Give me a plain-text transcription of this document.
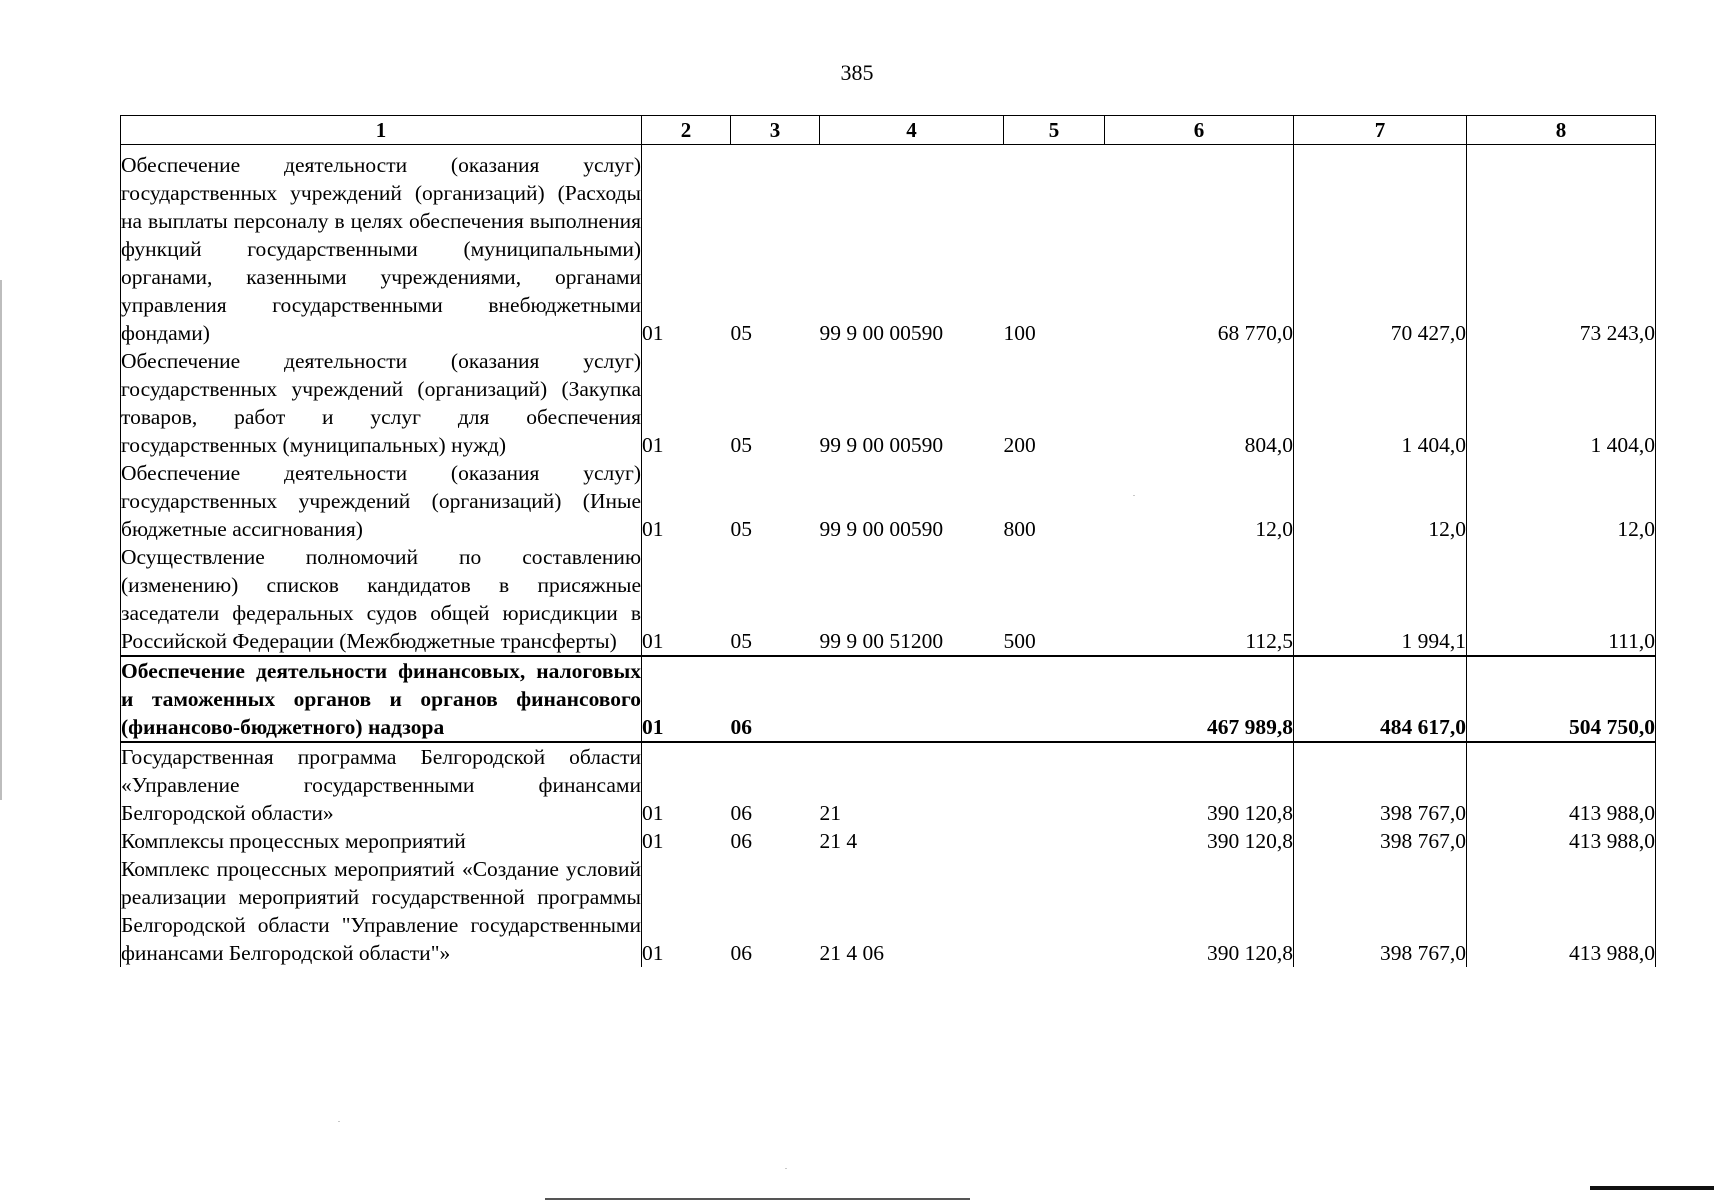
385
1	2	3	4	5	6	7	8
Обеспечение деятельности (оказания услуг) государственных учреждений (организаций) (Расходы на выплаты персоналу в целях обеспечения выполнения функций государственными (муниципальными) органами, казенными учреждениями, органами управления государственными внебюджетными фондами)	01	05	99 9 00 00590	100	68 770,0	70 427,0	73 243,0
Обеспечение деятельности (оказания услуг) государственных учреждений (организаций) (Закупка товаров, работ и услуг для обеспечения государственных (муниципальных) нужд)	01	05	99 9 00 00590	200	804,0	1 404,0	1 404,0
Обеспечение деятельности (оказания услуг) государственных учреждений (организаций) (Иные бюджетные ассигнования)	01	05	99 9 00 00590	800	12,0	12,0	12,0
Осуществление полномочий по составлению (изменению) списков кандидатов в присяжные заседатели федеральных судов общей юрисдикции в Российской Федерации (Межбюджетные трансферты)	01	05	99 9 00 51200	500	112,5	1 994,1	111,0
Обеспечение деятельности финансовых, налоговых и таможенных органов и органов финансового (финансово-бюджетного) надзора	01	06			467 989,8	484 617,0	504 750,0
Государственная программа Белгородской области «Управление государственными финансами Белгородской области»	01	06	21		390 120,8	398 767,0	413 988,0
Комплексы процессных мероприятий	01	06	21 4		390 120,8	398 767,0	413 988,0
Комплекс процессных мероприятий «Создание условий реализации мероприятий государственной программы Белгородской области "Управление государственными финансами Белгородской области"»	01	06	21 4 06		390 120,8	398 767,0	413 988,0
